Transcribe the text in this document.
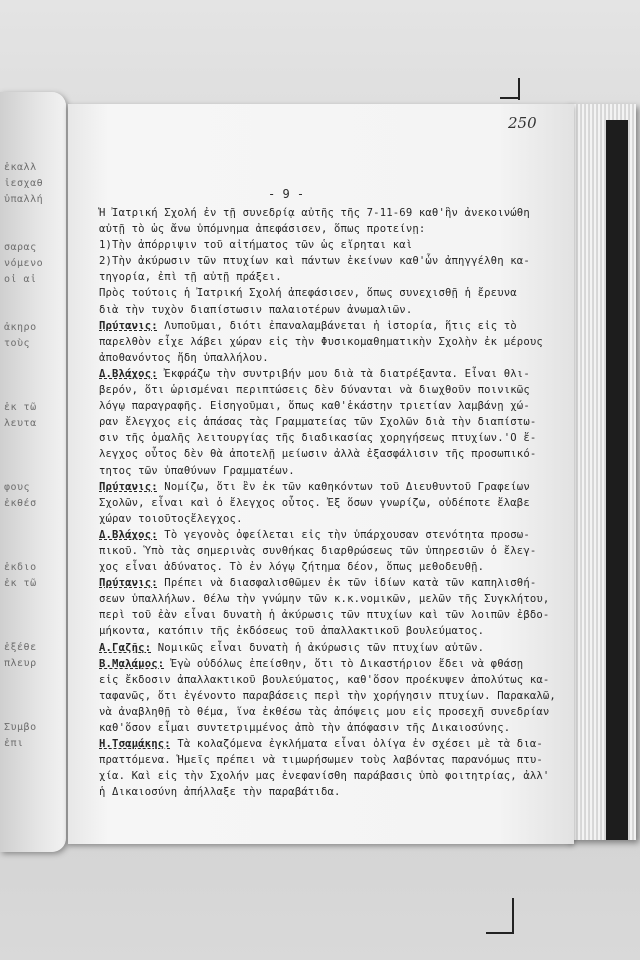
ἐκαλλ
ἰεσχαθ
ὑπαλλή
σαρας
νόμενο
οἱ αἰ
ἀκηρο
τοὺς
ἐκ τῶ
λευτα
φους
ἐκθέσ
ἐκδιο
ἐκ τῶ
ἐξέθε
πλευρ
Συμβο
ἐπι
250
- 9 -
Ἡ Ἰατρική Σχολή ἐν τῇ συνεδρίᾳ αὐτῆς τῆς 7-11-69 καθ'ἣν ἀνεκοινώθη
αὐτῇ τὸ ὡς ἄνω ὑπόμνημα ἀπεφάσισεν, ὅπως προτείνῃ:
1)Τὴν ἀπόρριψιν τοῦ αἰτήματος τῶν ὡς εἴρηται καὶ
2)Τὴν ἀκύρωσιν τῶν πτυχίων καὶ πάντων ἐκείνων καθ'ὧν ἀπηγγέλθη κα-
τηγορία, ἐπὶ τῇ αὐτῇ πράξει.
Πρὸς τούτοις ἡ Ἰατρική Σχολή ἀπεφάσισεν, ὅπως συνεχισθῇ ἡ ἔρευνα
διὰ τὴν τυχὸν διαπίστωσιν παλαιοτέρων ἀνωμαλιῶν.
Πρύτανις: Λυποῦμαι, διότι ἐπαναλαμβάνεται ἡ ἱστορία, ἥτις εἰς τὸ
παρελθὸν εἶχε λάβει χώραν εἰς τὴν Φυσικομαθηματικὴν Σχολὴν ἐκ μέρους
ἀποθανόντος ἤδη ὑπαλλήλου.
Δ.Βλάχος: Ἐκφράζω τὴν συντριβήν μου διὰ τὰ διατρέξαντα. Εἶναι θλι-
βερόν, ὅτι ὡρισμέναι περιπτώσεις δὲν δύνανται νὰ διωχθοῦν ποινικῶς
λόγῳ παραγραφῆς. Εἰσηγοῦμαι, ὅπως καθ'ἑκάστην τριετίαν λαμβάνῃ χώ-
ραν ἔλεγχος εἰς ἁπάσας τὰς Γραμματείας τῶν Σχολῶν διὰ τὴν διαπίστω-
σιν τῆς ὁμαλῆς λειτουργίας τῆς διαδικασίας χορηγήσεως πτυχίων.'Ο ἔ-
λεγχος οὗτος δὲν θὰ ἀποτελῇ μείωσιν ἀλλὰ ἐξασφάλισιν τῆς προσωπικό-
τητος τῶν ὑπαθύνων Γραμματέων.
Πρύτανις: Νομίζω, ὅτι ἓν ἐκ τῶν καθηκόντων τοῦ Διευθυντοῦ Γραφείων
Σχολῶν, εἶναι καὶ ὁ ἔλεγχος οὗτος. Ἐξ ὅσων γνωρίζω, οὐδέποτε ἔλαβε
χώραν τοιοῦτοςἔλεγχος.
Δ.Βλάχος: Τὸ γεγονὸς ὀφείλεται εἰς τὴν ὑπάρχουσαν στενότητα προσω-
πικοῦ. Ὑπὸ τὰς σημερινὰς συνθήκας διαρθρώσεως τῶν ὑπηρεσιῶν ὁ ἔλεγ-
χος εἶναι ἀδύνατος. Τὸ ἐν λόγῳ ζήτημα δέον, ὅπως μεθοδευθῇ.
Πρύτανις: Πρέπει νὰ διασφαλισθῶμεν ἐκ τῶν ἰδίων κατὰ τῶν καπηλισθή-
σεων ὑπαλλήλων. Θέλω τὴν γνώμην τῶν κ.κ.νομικῶν, μελῶν τῆς Συγκλήτου,
περὶ τοῦ ἐὰν εἶναι δυνατὴ ἡ ἀκύρωσις τῶν πτυχίων καὶ τῶν λοιπῶν ἐβδο-
μήκοντα, κατόπιν τῆς ἐκδόσεως τοῦ ἀπαλλακτικοῦ βουλεύματος.
Α.Γαζῆς: Νομικῶς εἶναι δυνατὴ ἡ ἀκύρωσις τῶν πτυχίων αὐτῶν.
Β.Μαλάμος: Ἐγὼ οὐδόλως ἐπείσθην, ὅτι τὸ Δικαστήριον ἔδει νὰ φθάσῃ
εἰς ἔκδοσιν ἀπαλλακτικοῦ βουλεύματος, καθ'ὅσον προέκυψεν ἀπολύτως κα-
ταφανῶς, ὅτι ἐγένοντο παραβάσεις περὶ τὴν χορήγησιν πτυχίων. Παρακαλῶ,
νὰ ἀναβληθῇ τὸ θέμα, ἵνα ἐκθέσω τὰς ἀπόψεις μου εἰς προσεχῆ συνεδρίαν
καθ'ὅσον εἶμαι συντετριμμένος ἀπὸ τὴν ἀπόφασιν τῆς Δικαιοσύνης.
Η.Τσαμάκης: Τὰ κολαζόμενα ἐγκλήματα εἶναι ὀλίγα ἐν σχέσει μὲ τὰ δια-
πραττόμενα. Ἡμεῖς πρέπει νὰ τιμωρήσωμεν τοὺς λαβόντας παρανόμως πτυ-
χία. Καὶ εἰς τὴν Σχολήν μας ἐνεφανίσθη παράβασις ὑπὸ φοιτητρίας, ἀλλ'
ἡ Δικαιοσύνη ἀπήλλαξε τὴν παραβάτιδα.
